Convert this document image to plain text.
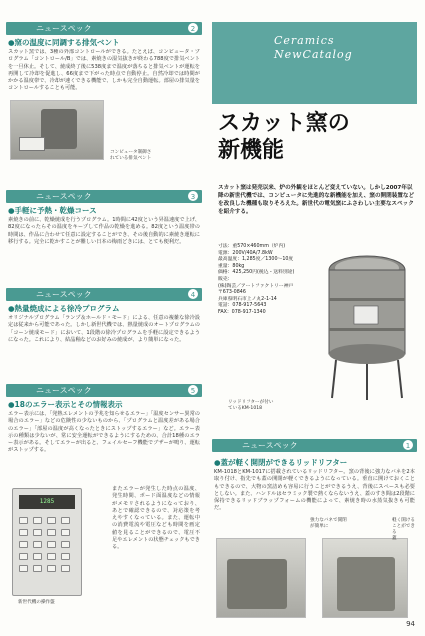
ニュースペック	2
●窯の温度に同調する排気ベント
スカット窯では、3種の外部コントロールができる。たとえば、コンピュータ・プログラム「コントロール/B」では、素焼きの湿気抜きが終わる788度で排気ベントを一旦休止。そして、焼成終了後に538度まで温度が落ちると排気ベントが運転を再開して冷却を促進し、66度まで下がった時点で自動停止。自然冷却では時間がかかる温度帯で、冷却が速くできる機能で、しかも完全自動運転。部屋の排気量をコントロールすることも可能。
コンピュータ制御さ
れている排気ベント
ニュースペック	3
●手軽に予熱・乾燥コース
素焼きの前に、乾燥焼成を行うプログラム。1時間に42度という昇温速度で上げ、82度になったらその温度をキープして作品の乾燥を進める。82度という温度帯の時間は、作品に合わせて任意に設定することができ、その後自動的に素焼き運転に移行する。完全に乾かすことが難しい日本の梅雨どきには、とても便利だ。
ニュースペック	4
●熱量焼成による徐冷プログラム
オリジナルプログラム「ランプ＆ホールド・モード」による、任意の複雑な徐冷設定は従来から可能であった。しかし新世代機では、熱量焼成のオートプログラムの「コーン焼成モード」において、1段階の徐冷プログラムを手軽に設定できるようになった。これにより、結晶釉などのお好みの焼成が、より簡単になった。
ニュースペック	5
●18のエラー表示とその情報表示
エラー表示には、「発熱エレメントの予兆を知らせるエラー」「温度センサー異常の場合のエラー」などの危険性の少ないものから、「プログラムと温度差がある場合のエラー」「部屋の温度が高くなったときにストップするエラー」など。エラー表示の種類は少ないが、常に安全運転ができるようにするための、合計18種のエラー表示がある。そしてエラーが出ると、フェイルセーフ機能でブザーが鳴り、運転がストップする。
またエラーが発生した時点の温度、発生時間、ボード面温度などの情報がメモリされるようになっており、あとで確認できるので、対応策を考えやすくなっている。また、運転中の消費電流や電圧なども時間を画定値を見ることができるので、電圧不足やエレメントの状態チェックもできる。
1285
新世代機の操作盤
Ceramics
NewCatalog
スカット窯の
新機能
スカット窯は発売以来、炉の外観をほとんど変えていない。しかし2007年以降の新世代機では、コンピュータに先進的な新機能を加え、窯の開閉装置などを改良した機種も取りそろえた。新世代の電気窯にふさわしい主要なスペックを紹介する。
寸法：重570×460mm（炉内)
電源：200V/40A/7.8kW
最高温度：1,285度／1300～10度
重量：80kg
価格：425,250円(税込・送料別途)
販売：
(株)陶芸／アートファクトリー神戸
〒673-0846
兵庫県明石市上ノ丸2-1-14
電話：078-917-5643
FAX：078-917-1340
リッドリフターが付い
ているKM-1018
ニュースペック	1
●蓋が軽く開閉ができるリッドリフター
KM-1018とKM-1017に搭載されているリッドリフター。窯の背後に強力なバネを2本取り付け、指先でも蓋の開閉が軽くできるようになっている。垂直に開けておくこともできるので、大物の窯詰めも容易に行うことができるうえ、背後にスペースも必要としない。また、ハンドルはセラミック製で熱くならないうえ、蓋のすき間は2段階に保持できるリッドブラップフォームの機能によって、素焼き時の水蒸気抜きも可能だ。
強力なバネで開閉
が簡単に
軽く開けることができる
蓋
94
